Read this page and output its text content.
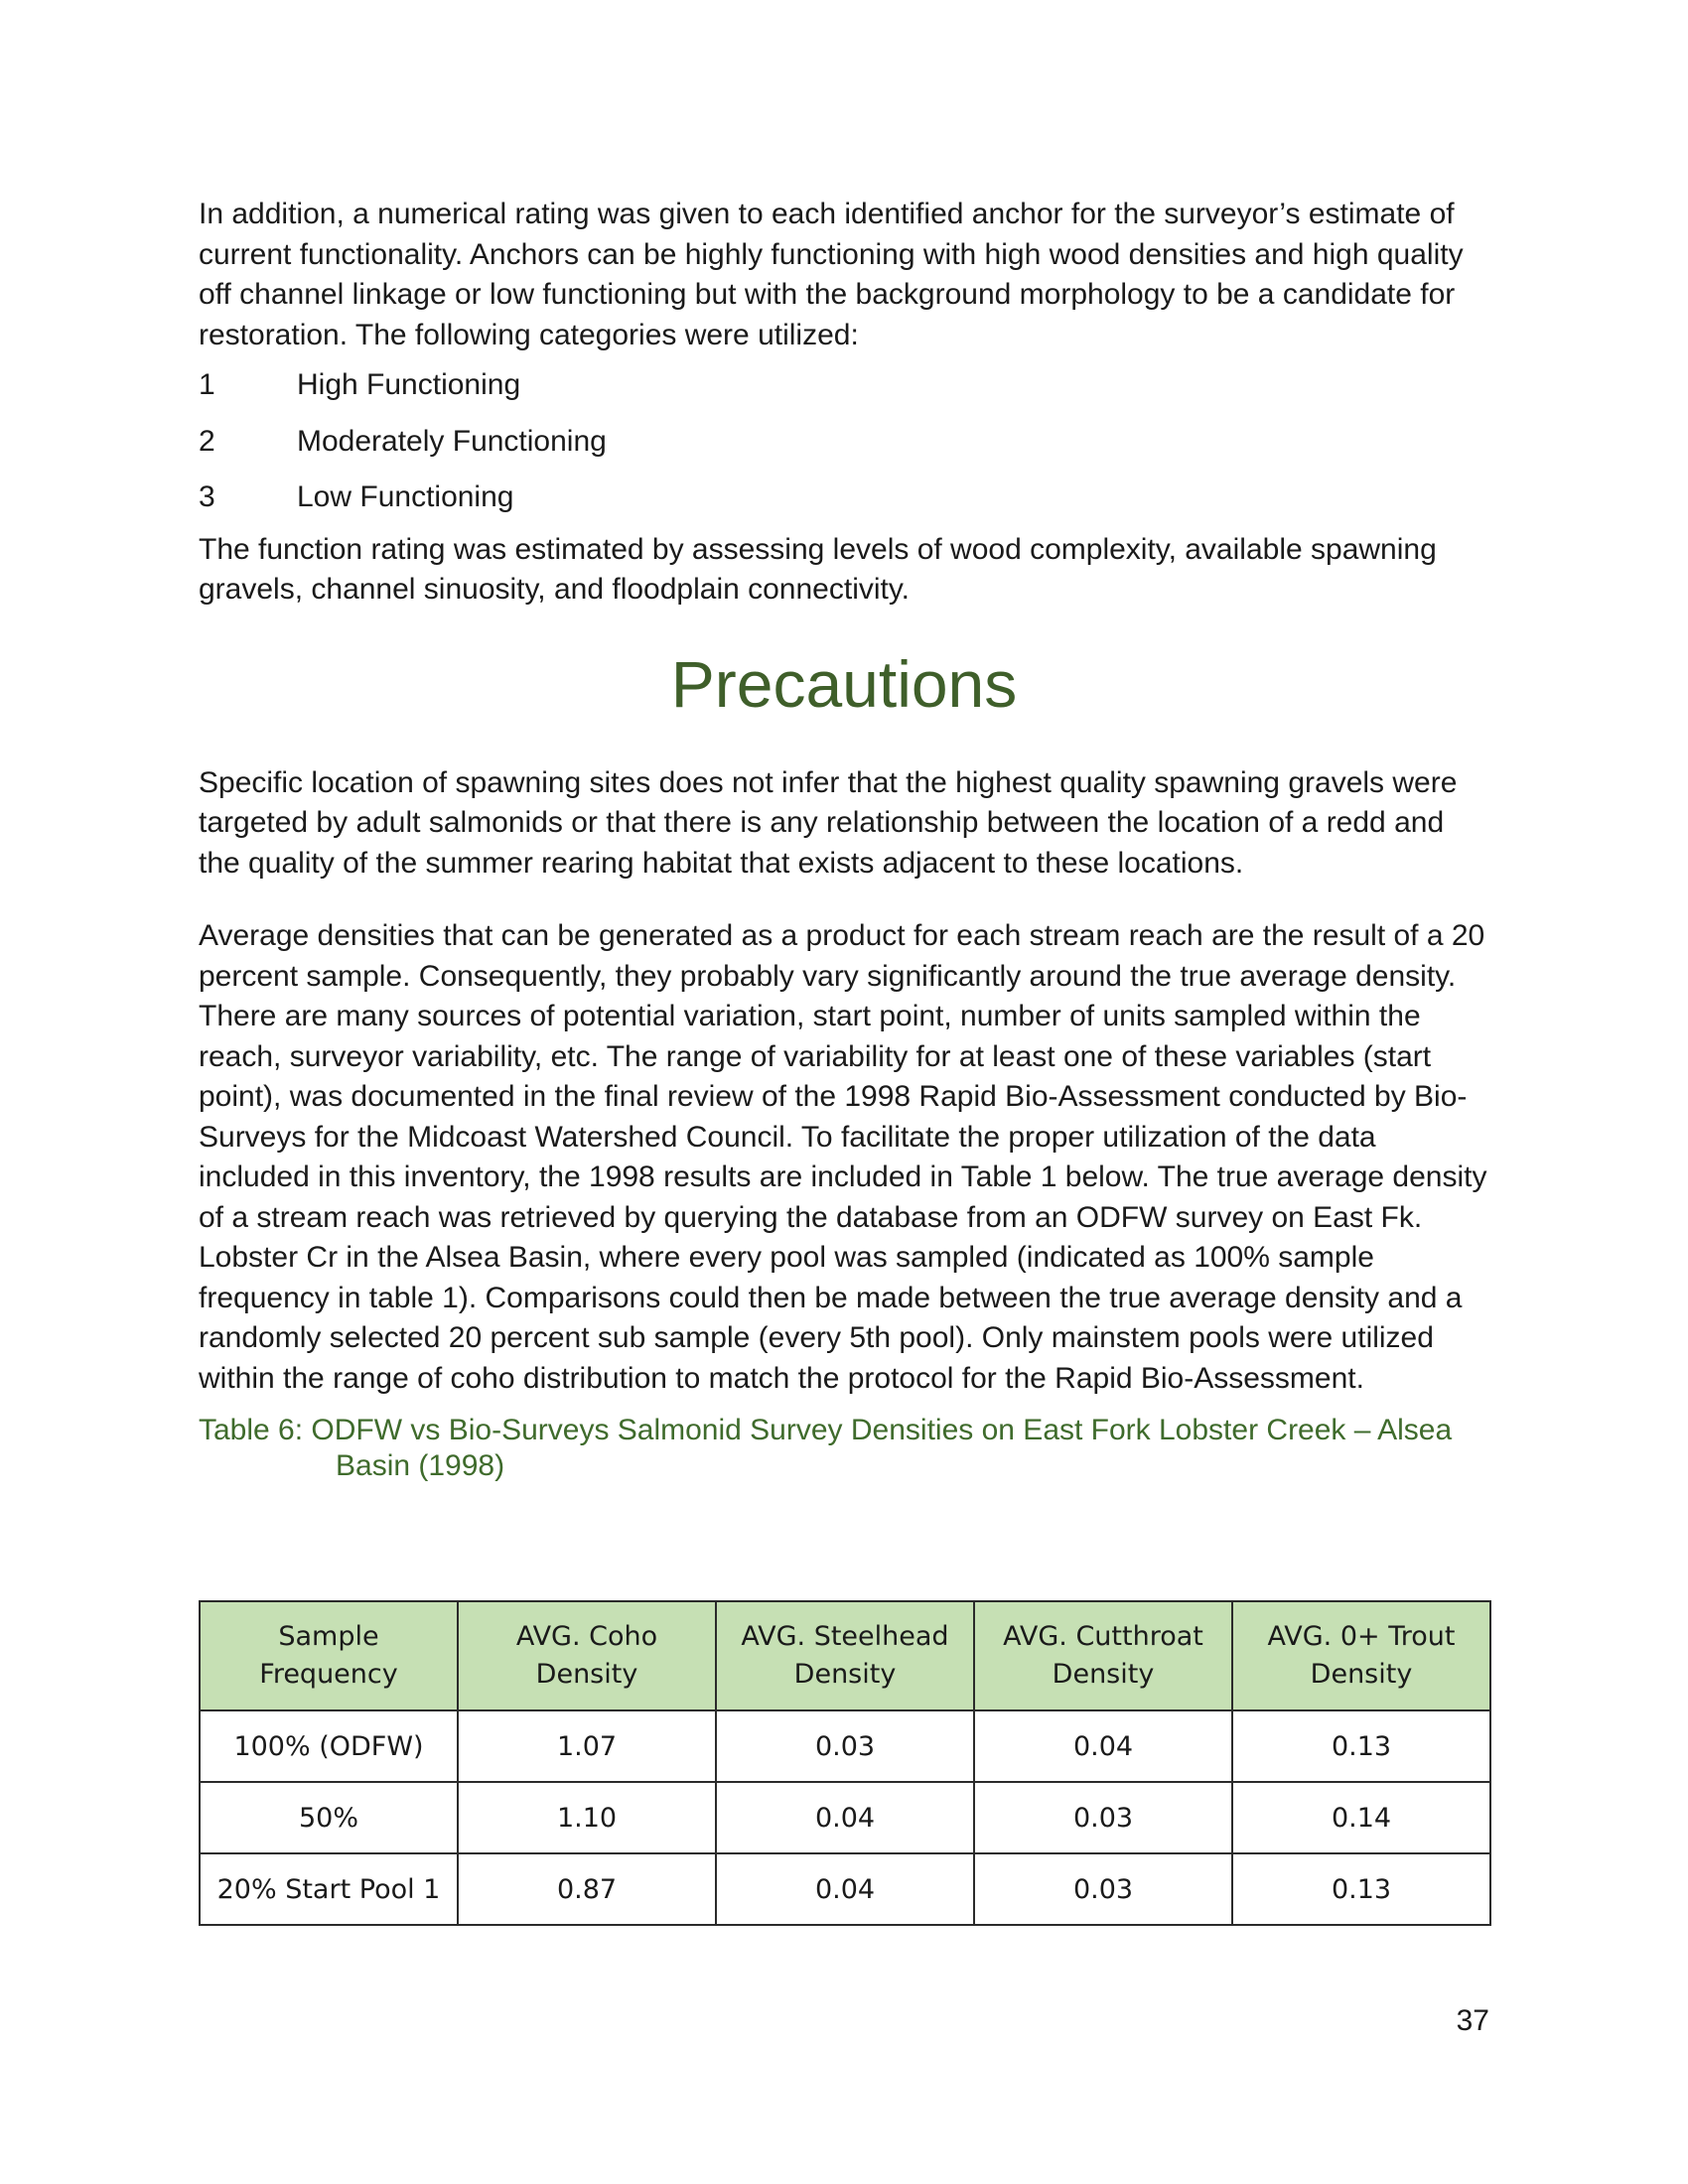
In addition, a numerical rating was given to each identified anchor for the surveyor’s estimate of current functionality. Anchors can be highly functioning with high wood densities and high quality off channel linkage or low functioning but with the background morphology to be a candidate for restoration. The following categories were utilized:

1	High Functioning
2	Moderately Functioning
3	Low Functioning

The function rating was estimated by assessing levels of wood complexity, available spawning gravels, channel sinuosity, and floodplain connectivity.

Precautions

Specific location of spawning sites does not infer that the highest quality spawning gravels were targeted by adult salmonids or that there is any relationship between the location of a redd and the quality of the summer rearing habitat that exists adjacent to these locations.

Average densities that can be generated as a product for each stream reach are the result of a 20 percent sample. Consequently, they probably vary significantly around the true average density. There are many sources of potential variation, start point, number of units sampled within the reach, surveyor variability, etc. The range of variability for at least one of these variables (start point), was documented in the final review of the 1998 Rapid Bio-Assessment conducted by Bio-Surveys for the Midcoast Watershed Council. To facilitate the proper utilization of the data included in this inventory, the 1998 results are included in Table 1 below. The true average density of a stream reach was retrieved by querying the database from an ODFW survey on East Fk. Lobster Cr in the Alsea Basin, where every pool was sampled (indicated as 100% sample frequency in table 1). Comparisons could then be made between the true average density and a randomly selected 20 percent sub sample (every 5th pool). Only mainstem pools were utilized within the range of coho distribution to match the protocol for the Rapid Bio-Assessment.

Table 6: ODFW vs Bio-Surveys Salmonid Survey Densities on East Fork Lobster Creek – Alsea Basin (1998)

Sample Frequency	AVG. Coho Density	AVG. Steelhead Density	AVG. Cutthroat Density	AVG. 0+ Trout Density
100% (ODFW)	1.07	0.03	0.04	0.13
50%	1.10	0.04	0.03	0.14
20% Start Pool 1	0.87	0.04	0.03	0.13
37
